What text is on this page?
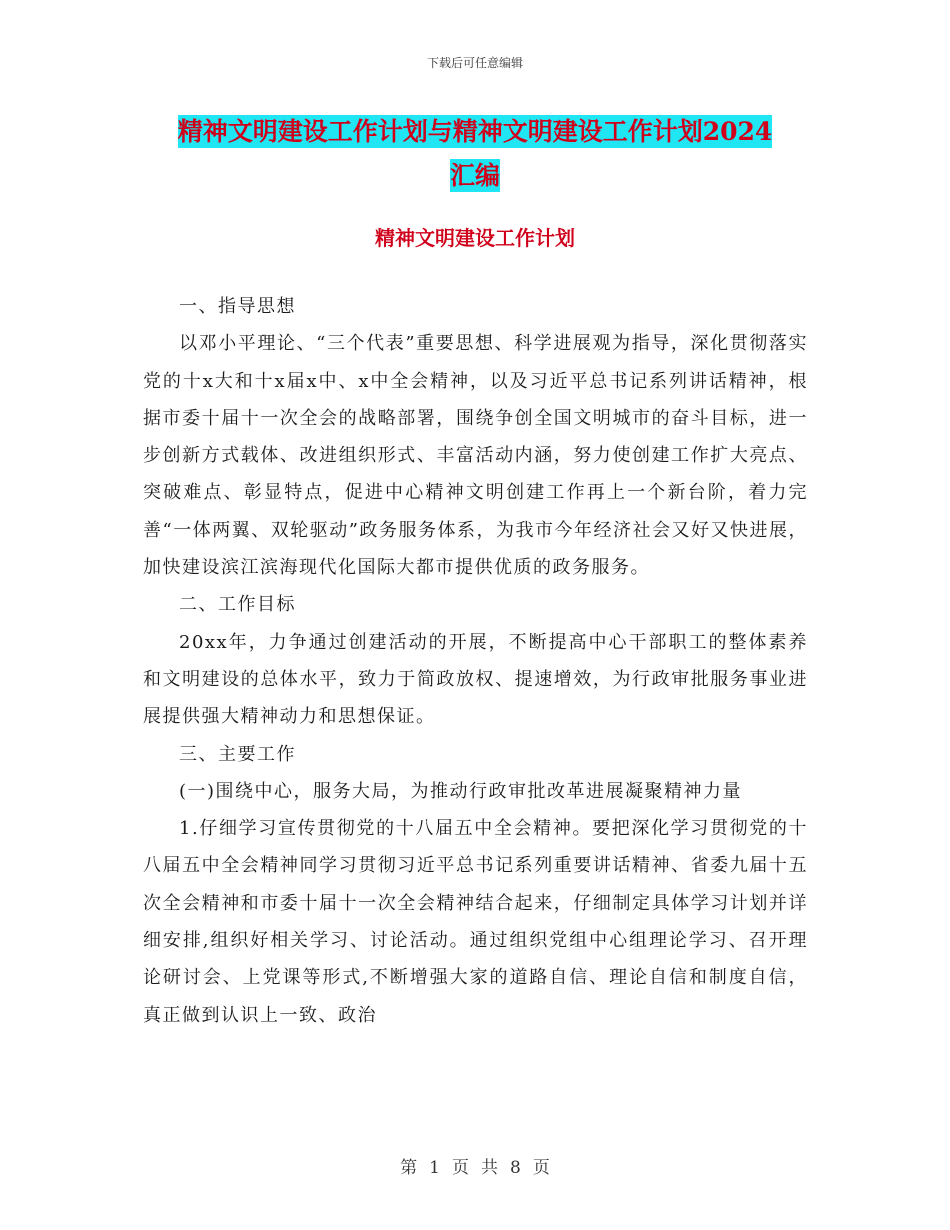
下载后可任意编辑
精神文明建设工作计划与精神文明建设工作计划2024
汇编
精神文明建设工作计划

一、指导思想

以邓小平理论、“三个代表”重要思想、科学进展观为指导，深化贯彻落实党的十x大和十x届x中、x中全会精神，以及习近平总书记系列讲话精神，根据市委十届十一次全会的战略部署，围绕争创全国文明城市的奋斗目标，进一步创新方式载体、改进组织形式、丰富活动内涵，努力使创建工作扩大亮点、突破难点、彰显特点，促进中心精神文明创建工作再上一个新台阶，着力完善“一体两翼、双轮驱动”政务服务体系，为我市今年经济社会又好又快进展，加快建设滨江滨海现代化国际大都市提供优质的政务服务。

二、工作目标

20xx年，力争通过创建活动的开展，不断提高中心干部职工的整体素养和文明建设的总体水平，致力于简政放权、提速增效，为行政审批服务事业进展提供强大精神动力和思想保证。

三、主要工作

(一)围绕中心，服务大局，为推动行政审批改革进展凝聚精神力量

1.仔细学习宣传贯彻党的十八届五中全会精神。要把深化学习贯彻党的十八届五中全会精神同学习贯彻习近平总书记系列重要讲话精神、省委九届十五次全会精神和市委十届十一次全会精神结合起来，仔细制定具体学习计划并详细安排,组织好相关学习、讨论活动。通过组织党组中心组理论学习、召开理论研讨会、上党课等形式,不断增强大家的道路自信、理论自信和制度自信，真正做到认识上一致、政治

第 1 页 共 8 页
